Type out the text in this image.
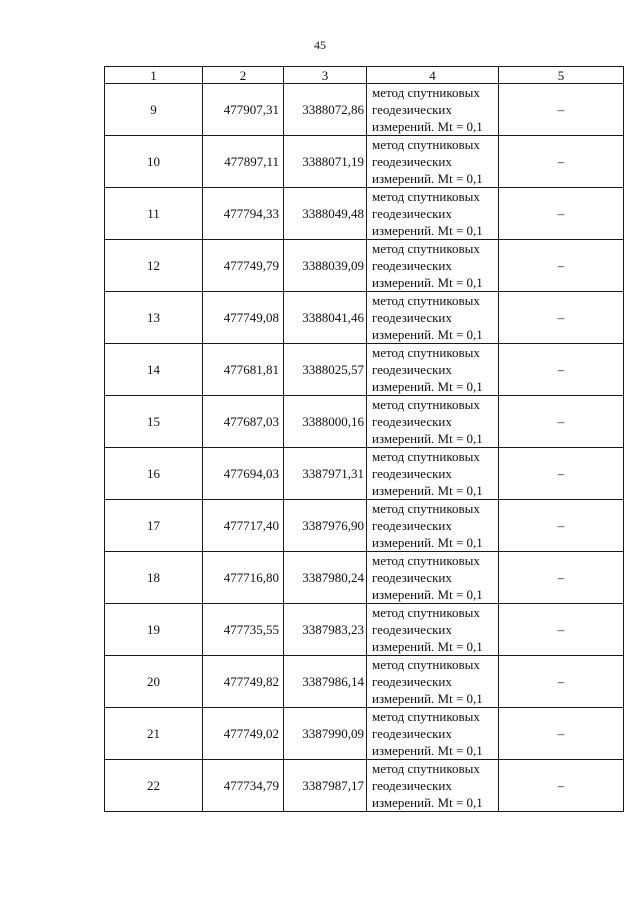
45
1	2	3	4	5
9	477907,31	3388072,86	метод спутниковых
геодезических
измерений. Mt = 0,1	–
10	477897,11	3388071,19	метод спутниковых
геодезических
измерений. Mt = 0,1	–
11	477794,33	3388049,48	метод спутниковых
геодезических
измерений. Mt = 0,1	–
12	477749,79	3388039,09	метод спутниковых
геодезических
измерений. Mt = 0,1	–
13	477749,08	3388041,46	метод спутниковых
геодезических
измерений. Mt = 0,1	–
14	477681,81	3388025,57	метод спутниковых
геодезических
измерений. Mt = 0,1	–
15	477687,03	3388000,16	метод спутниковых
геодезических
измерений. Mt = 0,1	–
16	477694,03	3387971,31	метод спутниковых
геодезических
измерений. Mt = 0,1	–
17	477717,40	3387976,90	метод спутниковых
геодезических
измерений. Mt = 0,1	–
18	477716,80	3387980,24	метод спутниковых
геодезических
измерений. Mt = 0,1	–
19	477735,55	3387983,23	метод спутниковых
геодезических
измерений. Mt = 0,1	–
20	477749,82	3387986,14	метод спутниковых
геодезических
измерений. Mt = 0,1	–
21	477749,02	3387990,09	метод спутниковых
геодезических
измерений. Mt = 0,1	–
22	477734,79	3387987,17	метод спутниковых
геодезических
измерений. Mt = 0,1	–
